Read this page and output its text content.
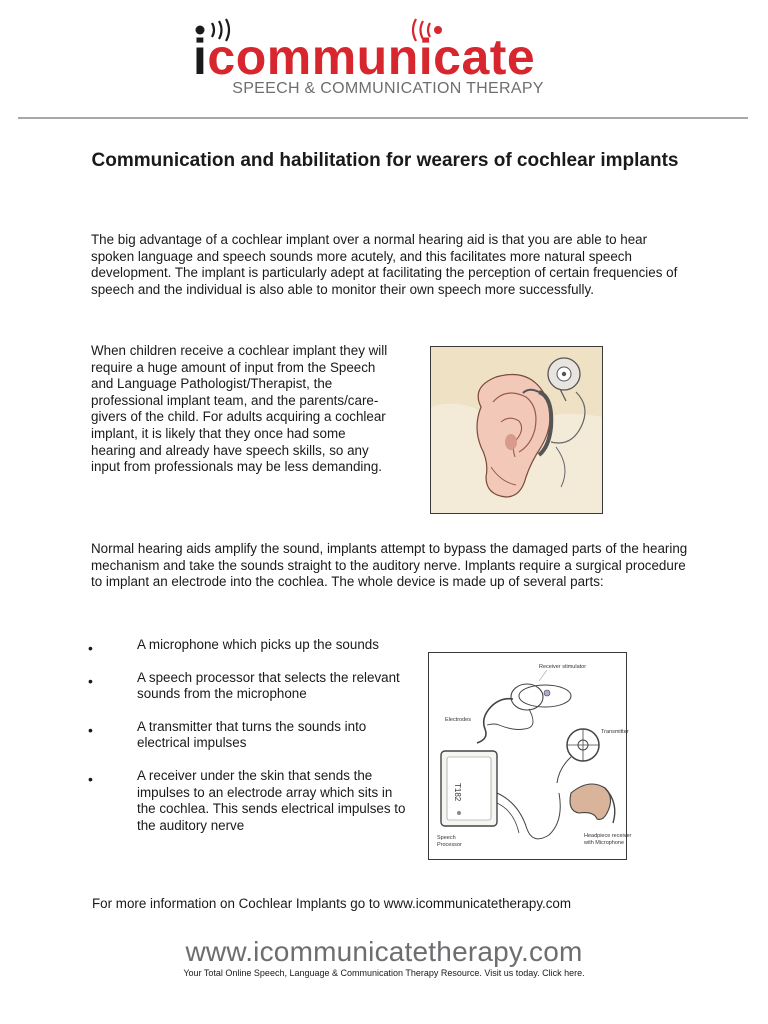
icommunicate
SPEECH & COMMUNICATION THERAPY
Communication and habilitation for wearers of cochlear implants
The big advantage of a cochlear implant over a normal hearing aid is that you are able to hear spoken language and speech sounds more acutely, and this facilitates more natural speech development. The implant is particularly adept at facilitating the perception of certain frequencies of speech and the individual is also able to monitor their own speech more successfully.
When children receive a cochlear implant they will require a huge amount of input from the Speech and Language Pathologist/Therapist, the professional implant team, and the parents/care-givers of the child. For adults acquiring a cochlear implant, it is likely that they once had some hearing and already have speech skills, so any input from professionals may be less demanding.
Normal hearing aids amplify the sound, implants attempt to bypass the damaged parts of the hearing mechanism and take the sounds straight to the auditory nerve. Implants require a surgical procedure to implant an electrode into the cochlea. The whole device is made up of several parts:
•	A microphone which picks up the sounds
•	A speech processor that selects the relevant sounds from the microphone
•	A transmitter that turns the sounds into electrical impulses
•	A receiver under the skin that sends the impulses to an electrode array which sits in the cochlea. This sends electrical impulses to the auditory nerve
Receiver stimulator
Electrodes
Transmitter
T182
Speech
Processor
Headpiece receiver
with Microphone
For more information on Cochlear Implants go to www.icommunicatetherapy.com
www.icommunicatetherapy.com
Your Total Online Speech, Language & Communication Therapy Resource. Visit us today. Click here.
